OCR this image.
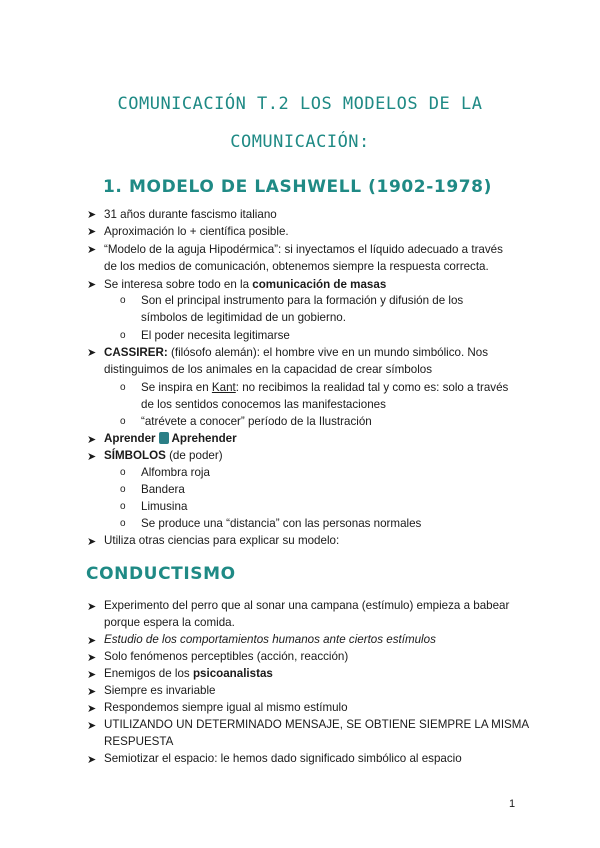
COMUNICACIÓN T.2 LOS MODELOS DE LA
COMUNICACIÓN:
1. MODELO DE LASHWELL (1902-1978)
➤ 31 años durante fascismo italiano
➤ Aproximación lo + científica posible.
➤ “Modelo de la aguja Hipodérmica”: si inyectamos el líquido adecuado a través
de los medios de comunicación, obtenemos siempre la respuesta correcta.
➤ Se interesa sobre todo en la comunicación de masas
o Son el principal instrumento para la formación y difusión de los
símbolos de legitimidad de un gobierno.
o El poder necesita legitimarse
➤ CASSIRER: (filósofo alemán): el hombre vive en un mundo simbólico. Nos
distinguimos de los animales en la capacidad de crear símbolos
o Se inspira en Kant: no recibimos la realidad tal y como es: solo a través
de los sentidos conocemos las manifestaciones
o “atrévete a conocer” período de la Ilustración
➤ Aprender Aprehender
➤ SÍMBOLOS (de poder)
o Alfombra roja
o Bandera
o Limusina
o Se produce una “distancia” con las personas normales
➤ Utiliza otras ciencias para explicar su modelo:
CONDUCTISMO
➤ Experimento del perro que al sonar una campana (estímulo) empieza a babear
porque espera la comida.
➤ Estudio de los comportamientos humanos ante ciertos estímulos
➤ Solo fenómenos perceptibles (acción, reacción)
➤ Enemigos de los psicoanalistas
➤ Siempre es invariable
➤ Respondemos siempre igual al mismo estímulo
➤ UTILIZANDO UN DETERMINADO MENSAJE, SE OBTIENE SIEMPRE LA MISMA
RESPUESTA
➤ Semiotizar el espacio: le hemos dado significado simbólico al espacio
1
